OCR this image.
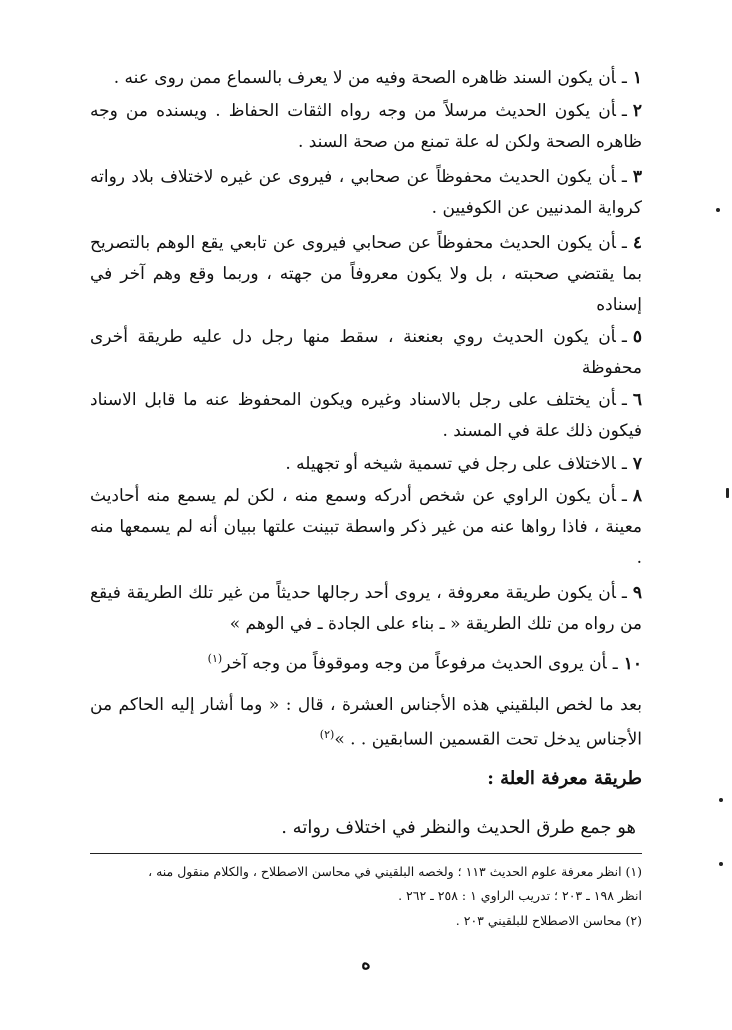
١ـأن يكون السند ظاهره الصحة وفيه من لا يعرف بالسماع ممن روى عنه .
٢ـأن يكون الحديث مرسلاً من وجه رواه الثقات الحفاظ . ويسنده من وجه ظاهره الصحة ولكن له علة تمنع من صحة السند .
٣ـأن يكون الحديث محفوظاً عن صحابي ، فيروى عن غيره لاختلاف بلاد رواته كرواية المدنيين عن الكوفيين .
٤ـأن يكون الحديث محفوظاً عن صحابي فيروى عن تابعي يقع الوهم بالتصريح بما يقتضي صحبته ، بل ولا يكون معروفاً من جهته ، وربما وقع وهم آخر في إسناده
٥ـأن يكون الحديث روي بعنعنة ، سقط منها رجل دل عليه طريقة أخرى محفوظة
٦ـأن يختلف على رجل بالاسناد وغيره ويكون المحفوظ عنه ما قابل الاسناد فيكون ذلك علة في المسند .
٧ـالاختلاف على رجل في تسمية شيخه أو تجهيله .
٨ـأن يكون الراوي عن شخص أدركه وسمع منه ، لكن لم يسمع منه أحاديث معينة ، فاذا رواها عنه من غير ذكر واسطة تبينت علتها ببيان أنه لم يسمعها منه .
٩ـأن يكون طريقة معروفة ، يروى أحد رجالها حديثاً من غير تلك الطريقة فيقع من رواه من تلك الطريقة « ـ بناء على الجادة ـ في الوهم »
١٠ـأن يروى الحديث مرفوعاً من وجه وموقوفاً من وجه آخر$^{(١)}$
بعد ما لخص البلقيني هذه الأجناس العشرة ، قال : « وما أشار إليه الحاكم من الأجناس يدخل تحت القسمين السابقين . . »$^{(٢)}$
طريقة معرفة العلة :
هو جمع طرق الحديث والنظر في اختلاف رواته .
(١) انظر معرفة علوم الحديث ١١٣ ؛ ولخصه البلقيني في محاسن الاصطلاح ، والكلام منقول منه ،
انظر ١٩٨ ـ ٢٠٣ ؛ تدريب الراوي ١ : ٢٥٨ ـ ٢٦٢ .
(٢) محاسن الاصطلاح للبلقيني ٢٠٣ .
ه
